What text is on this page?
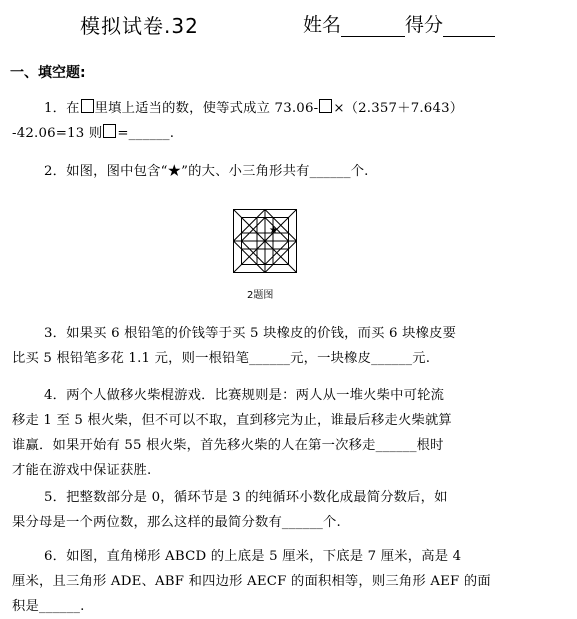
模拟试卷.32	姓名	得分
一、填空题:
1．在 里填上适当的数，使等式成立 73.06- ×（2.357＋7.643）
-42.06=13 则 =______.
2．如图，图中包含“★”的大、小三角形共有______个.
★
2题图
3．如果买 6 根铅笔的价钱等于买 5 块橡皮的价钱，而买 6 块橡皮要
比买 5 根铅笔多花 1.1 元，则一根铅笔______元，一块橡皮______元.
4．两个人做移火柴棍游戏．比赛规则是：两人从一堆火柴中可轮流
移走 1 至 5 根火柴，但不可以不取，直到移完为止，谁最后移走火柴就算
谁赢．如果开始有 55 根火柴，首先移火柴的人在第一次移走______根时
才能在游戏中保证获胜.
5．把整数部分是 0，循环节是 3 的纯循环小数化成最简分数后，如
果分母是一个两位数，那么这样的最简分数有______个.
6．如图，直角梯形 ABCD 的上底是 5 厘米，下底是 7 厘米，高是 4
厘米，且三角形 ADE、ABF 和四边形 AECF 的面积相等，则三角形 AEF 的面
积是______.
